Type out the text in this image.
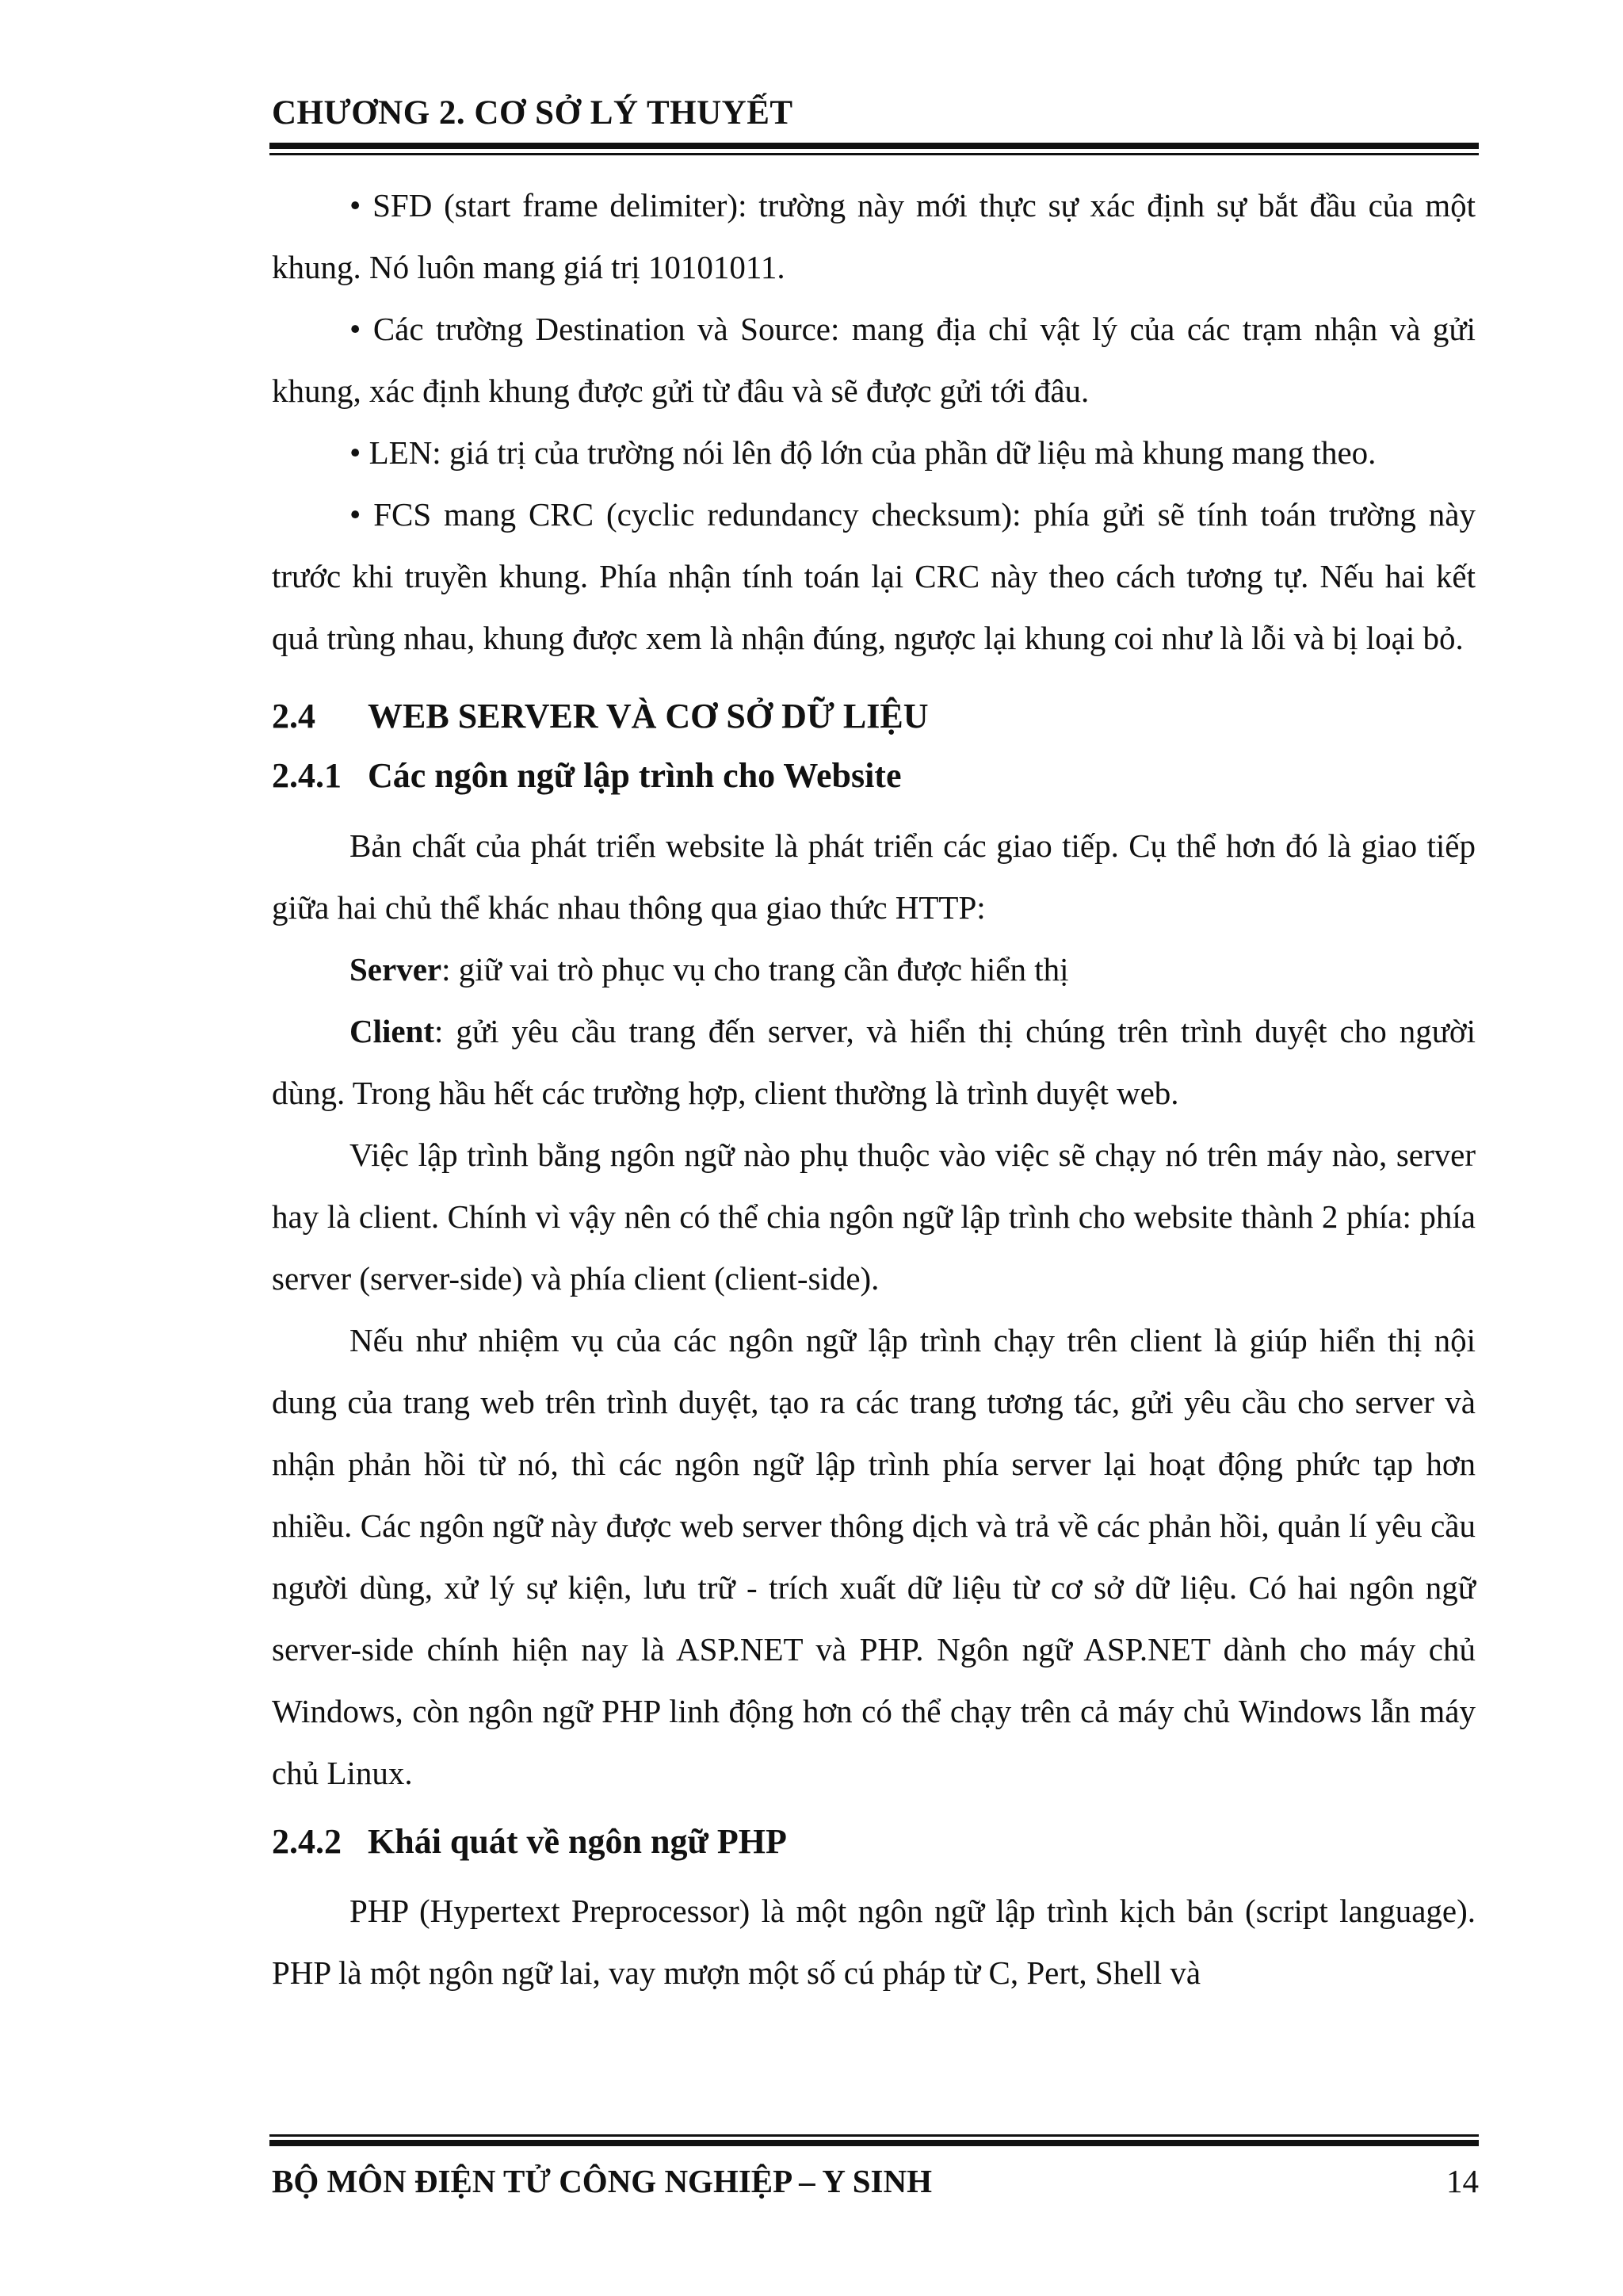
CHƯƠNG 2. CƠ SỞ LÝ THUYẾT

• SFD (start frame delimiter): trường này mới thực sự xác định sự bắt đầu của một khung. Nó luôn mang giá trị 10101011.

• Các trường Destination và Source: mang địa chỉ vật lý của các trạm nhận và gửi khung, xác định khung được gửi từ đâu và sẽ được gửi tới đâu.

• LEN: giá trị của trường nói lên độ lớn của phần dữ liệu mà khung mang theo.

• FCS mang CRC (cyclic redundancy checksum): phía gửi sẽ tính toán trường này trước khi truyền khung. Phía nhận tính toán lại CRC này theo cách tương tự. Nếu hai kết quả trùng nhau, khung được xem là nhận đúng, ngược lại khung coi như là lỗi và bị loại bỏ.

2.4 WEB SERVER VÀ CƠ SỞ DỮ LIỆU
2.4.1 Các ngôn ngữ lập trình cho Website

Bản chất của phát triển website là phát triển các giao tiếp. Cụ thể hơn đó là giao tiếp giữa hai chủ thể khác nhau thông qua giao thức HTTP:

Server: giữ vai trò phục vụ cho trang cần được hiển thị

Client: gửi yêu cầu trang đến server, và hiển thị chúng trên trình duyệt cho người dùng. Trong hầu hết các trường hợp, client thường là trình duyệt web.

Việc lập trình bằng ngôn ngữ nào phụ thuộc vào việc sẽ chạy nó trên máy nào, server hay là client. Chính vì vậy nên có thể chia ngôn ngữ lập trình cho website thành 2 phía: phía server (server-side) và phía client (client-side).

Nếu như nhiệm vụ của các ngôn ngữ lập trình chạy trên client là giúp hiển thị nội dung của trang web trên trình duyệt, tạo ra các trang tương tác, gửi yêu cầu cho server và nhận phản hồi từ nó, thì các ngôn ngữ lập trình phía server lại hoạt động phức tạp hơn nhiều. Các ngôn ngữ này được web server thông dịch và trả về các phản hồi, quản lí yêu cầu người dùng, xử lý sự kiện, lưu trữ - trích xuất dữ liệu từ cơ sở dữ liệu. Có hai ngôn ngữ server-side chính hiện nay là ASP.NET và PHP. Ngôn ngữ ASP.NET dành cho máy chủ Windows, còn ngôn ngữ PHP linh động hơn có thể chạy trên cả máy chủ Windows lẫn máy chủ Linux.

2.4.2 Khái quát về ngôn ngữ PHP

PHP (Hypertext Preprocessor) là một ngôn ngữ lập trình kịch bản (script language). PHP là một ngôn ngữ lai, vay mượn một số cú pháp từ C, Pert, Shell và

BỘ MÔN ĐIỆN TỬ CÔNG NGHIỆP – Y SINH	14
